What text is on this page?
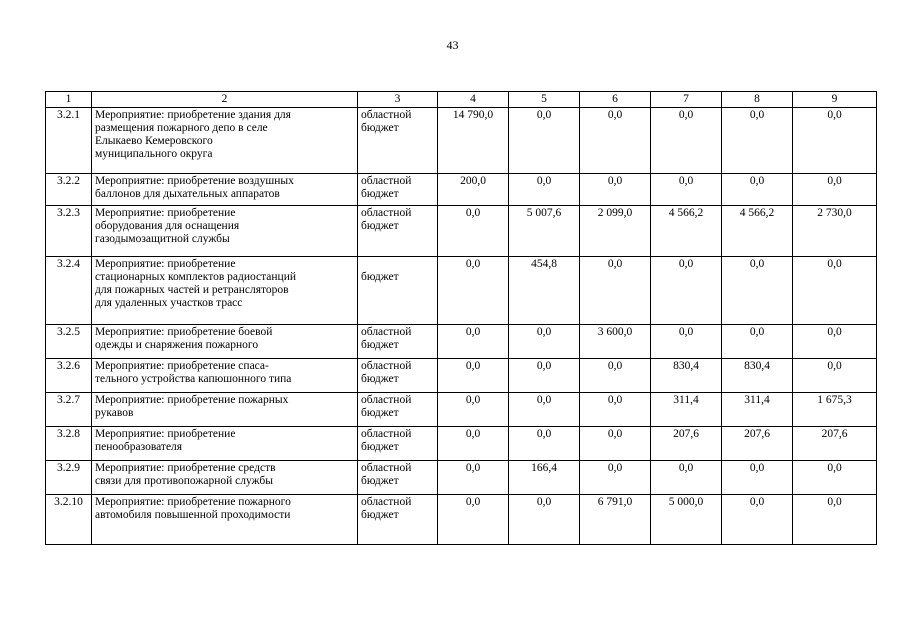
43
1	2	3	4	5	6	7	8	9
3.2.1	Мероприятие: приобретение здания для
размещения пожарного депо в селе
Елыкаево Кемеровского
муниципального округа	областной
бюджет	14 790,0	0,0	0,0	0,0	0,0	0,0
3.2.2	Мероприятие: приобретение воздушных
баллонов для дыхательных аппаратов	областной
бюджет	200,0	0,0	0,0	0,0	0,0	0,0
3.2.3	Мероприятие: приобретение
оборудования для оснащения
газодымозащитной службы	областной
бюджет	0,0	5 007,6	2 099,0	4 566,2	4 566,2	2 730,0
3.2.4	Мероприятие: приобретение
стационарных комплектов радиостанций
для пожарных частей и ретрансляторов
для удаленных участков трасс	
бюджет	0,0	454,8	0,0	0,0	0,0	0,0
3.2.5	Мероприятие: приобретение боевой
одежды и снаряжения пожарного	областной
бюджет	0,0	0,0	3 600,0	0,0	0,0	0,0
3.2.6	Мероприятие: приобретение спаса-
тельного устройства капюшонного типа	областной
бюджет	0,0	0,0	0,0	830,4	830,4	0,0
3.2.7	Мероприятие: приобретение пожарных
рукавов	областной
бюджет	0,0	0,0	0,0	311,4	311,4	1 675,3
3.2.8	Мероприятие: приобретение
пенообразователя	областной
бюджет	0,0	0,0	0,0	207,6	207,6	207,6
3.2.9	Мероприятие: приобретение средств
связи для противопожарной службы	областной
бюджет	0,0	166,4	0,0	0,0	0,0	0,0
3.2.10	Мероприятие: приобретение пожарного
автомобиля повышенной проходимости	областной
бюджет	0,0	0,0	6 791,0	5 000,0	0,0	0,0
